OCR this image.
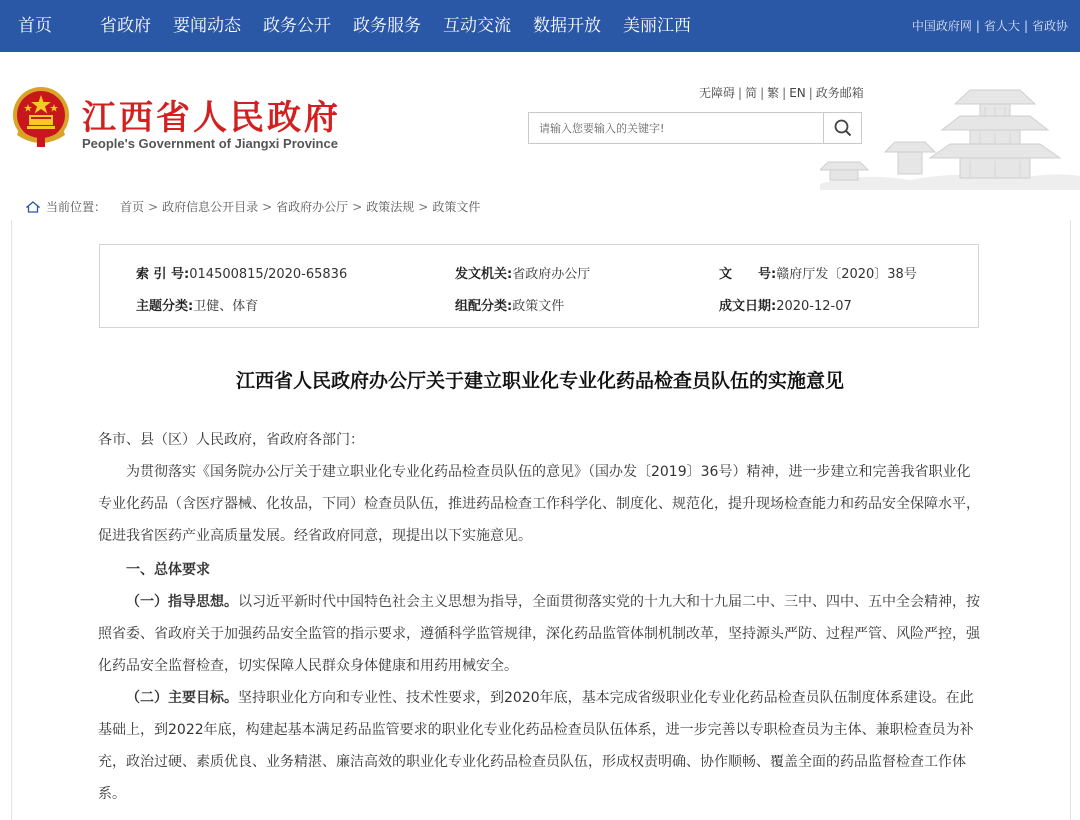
首页	省政府 要闻动态 政务公开 政务服务 互动交流 数据开放 美丽江西	中国政府网 | 省人大 | 省政协
江西省人民政府
People's Government of Jiangxi Province
无障碍 | 简 | 繁 | EN | 政务邮箱
请输入您要输入的关键字!
当前位置： 首页 > 政府信息公开目录 > 省政府办公厅 > 政策法规 > 政策文件
索 引 号:014500815/2020-65836	发文机关:省政府办公厅	文　　号:赣府厅发〔2020〕38号
主题分类:卫健、体育	组配分类:政策文件	成文日期:2020-12-07
江西省人民政府办公厅关于建立职业化专业化药品检查员队伍的实施意见

各市、县（区）人民政府，省政府各部门：

为贯彻落实《国务院办公厅关于建立职业化专业化药品检查员队伍的意见》（国办发〔2019〕36号）精神，进一步建立和完善我省职业化专业化药品（含医疗器械、化妆品，下同）检查员队伍，推进药品检查工作科学化、制度化、规范化，提升现场检查能力和药品安全保障水平，促进我省医药产业高质量发展。经省政府同意，现提出以下实施意见。

一、总体要求

（一）指导思想。以习近平新时代中国特色社会主义思想为指导，全面贯彻落实党的十九大和十九届二中、三中、四中、五中全会精神，按照省委、省政府关于加强药品安全监管的指示要求，遵循科学监管规律，深化药品监管体制机制改革，坚持源头严防、过程严管、风险严控，强化药品安全监督检查，切实保障人民群众身体健康和用药用械安全。

（二）主要目标。坚持职业化方向和专业性、技术性要求，到2020年底，基本完成省级职业化专业化药品检查员队伍制度体系建设。在此基础上，到2022年底，构建起基本满足药品监管要求的职业化专业化药品检查员队伍体系，进一步完善以专职检查员为主体、兼职检查员为补充，政治过硬、素质优良、业务精湛、廉洁高效的职业化专业化药品检查员队伍，形成权责明确、协作顺畅、覆盖全面的药品监督检查工作体系。
